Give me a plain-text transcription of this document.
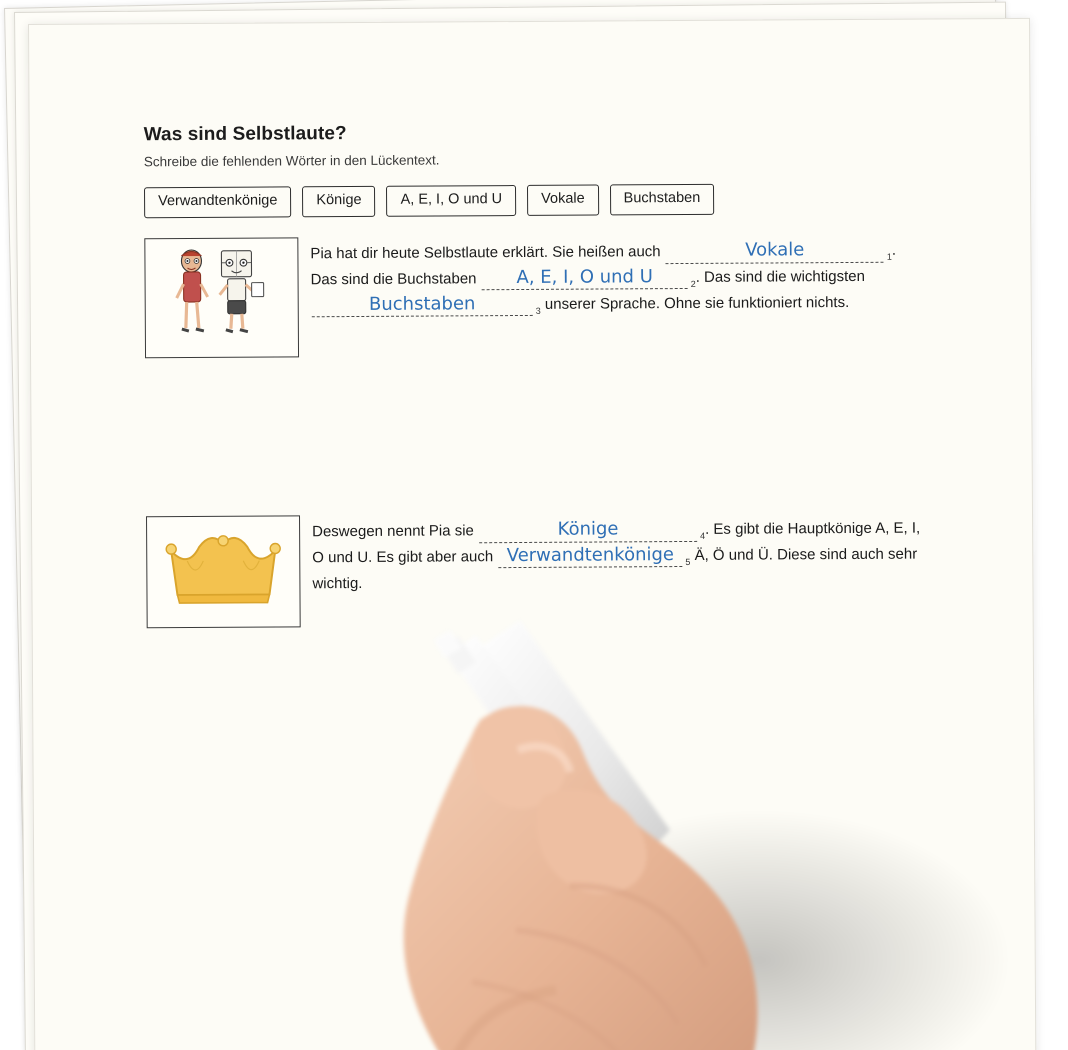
Was sind Selbstlaute?

Schreibe die fehlenden Wörter in den Lückentext.

Verwandtenkönige	Könige	A, E, I, O und U	Vokale	Buchstaben
Pia hat dir heute Selbstlaute erklärt. Sie heißen auch	Vokale	1. Das sind die Buchstaben A, E, I, O und U	2. Das sind die wichtigsten Buchstaben	3 unserer Sprache. Ohne sie funktioniert nichts.
Deswegen nennt Pia sie	Könige	4. Es gibt die Hauptkönige A, E, I, O und U. Es gibt aber auch Verwandtenkönige 5 Ä, Ö und Ü. Diese sind auch sehr wichtig.
